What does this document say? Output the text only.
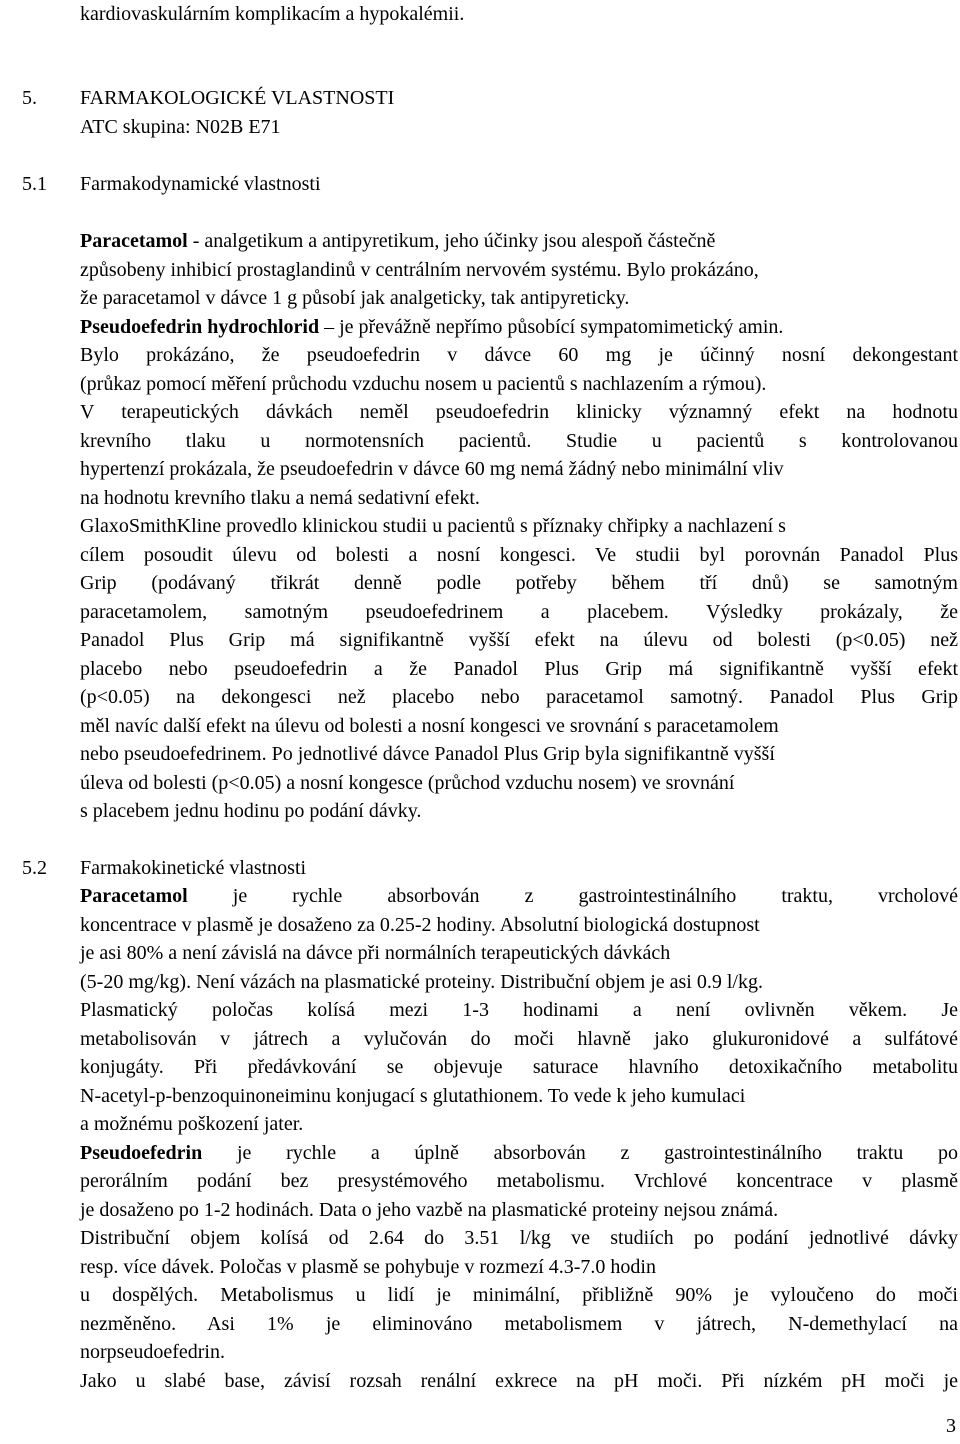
kardiovaskulárním komplikacím a hypokalémii.
5. FARMAKOLOGICKÉ VLASTNOSTI
ATC skupina: N02B E71
5.1 Farmakodynamické vlastnosti
Paracetamol - analgetikum a antipyretikum, jeho účinky jsou alespoň částečně
způsobeny inhibicí prostaglandinů v centrálním nervovém systému. Bylo prokázáno,
že paracetamol v dávce 1 g působí jak analgeticky, tak antipyreticky.
Pseudoefedrin hydrochlorid – je převážně nepřímo působící sympatomimetický amin.
Bylo prokázáno, že pseudoefedrin v dávce 60 mg je účinný nosní dekongestant
(průkaz pomocí měření průchodu vzduchu nosem u pacientů s nachlazením a rýmou).
V terapeutických dávkách neměl pseudoefedrin klinicky významný efekt na hodnotu
krevního tlaku u normotensních pacientů. Studie u pacientů s kontrolovanou
hypertenzí prokázala, že pseudoefedrin v dávce 60 mg nemá žádný nebo minimální vliv
na hodnotu krevního tlaku a nemá sedativní efekt.
GlaxoSmithKline provedlo klinickou studii u pacientů s příznaky chřipky a nachlazení s
cílem posoudit úlevu od bolesti a nosní kongesci. Ve studii byl porovnán Panadol Plus
Grip (podávaný třikrát denně podle potřeby během tří dnů) se samotným
paracetamolem, samotným pseudoefedrinem a placebem. Výsledky prokázaly, že
Panadol Plus Grip má signifikantně vyšší efekt na úlevu od bolesti (p<0.05) než
placebo nebo pseudoefedrin a že Panadol Plus Grip má signifikantně vyšší efekt
(p<0.05) na dekongesci než placebo nebo paracetamol samotný. Panadol Plus Grip
měl navíc další efekt na úlevu od bolesti a nosní kongesci ve srovnání s paracetamolem
nebo pseudoefedrinem. Po jednotlivé dávce Panadol Plus Grip byla signifikantně vyšší
úleva od bolesti (p<0.05) a nosní kongesce (průchod vzduchu nosem) ve srovnání
s placebem jednu hodinu po podání dávky.
5.2 Farmakokinetické vlastnosti
Paracetamol je rychle absorbován z gastrointestinálního traktu, vrcholové
koncentrace v plasmě je dosaženo za 0.25-2 hodiny. Absolutní biologická dostupnost
je asi 80% a není závislá na dávce při normálních terapeutických dávkách
(5-20 mg/kg). Není vázách na plasmatické proteiny. Distribuční objem je asi 0.9 l/kg.
Plasmatický poločas kolísá mezi 1-3 hodinami a není ovlivněn věkem. Je
metabolisován v játrech a vylučován do moči hlavně jako glukuronidové a sulfátové
konjugáty. Při předávkování se objevuje saturace hlavního detoxikačního metabolitu
N-acetyl-p-benzoquinoneiminu konjugací s glutathionem. To vede k jeho kumulaci
a možnému poškození jater.
Pseudoefedrin je rychle a úplně absorbován z gastrointestinálního traktu po
perorálním podání bez presystémového metabolismu. Vrchlové koncentrace v plasmě
je dosaženo po 1-2 hodinách. Data o jeho vazbě na plasmatické proteiny nejsou známá.
Distribuční objem kolísá od 2.64 do 3.51 l/kg ve studiích po podání jednotlivé dávky
resp. více dávek. Poločas v plasmě se pohybuje v rozmezí 4.3-7.0 hodin
u dospělých. Metabolismus u lidí je minimální, přibližně 90% je vyloučeno do moči
nezměněno. Asi 1% je eliminováno metabolismem v játrech, N-demethylací na
norpseudoefedrin.
Jako u slabé base, závisí rozsah renální exkrece na pH moči. Při nízkém pH moči je
3
